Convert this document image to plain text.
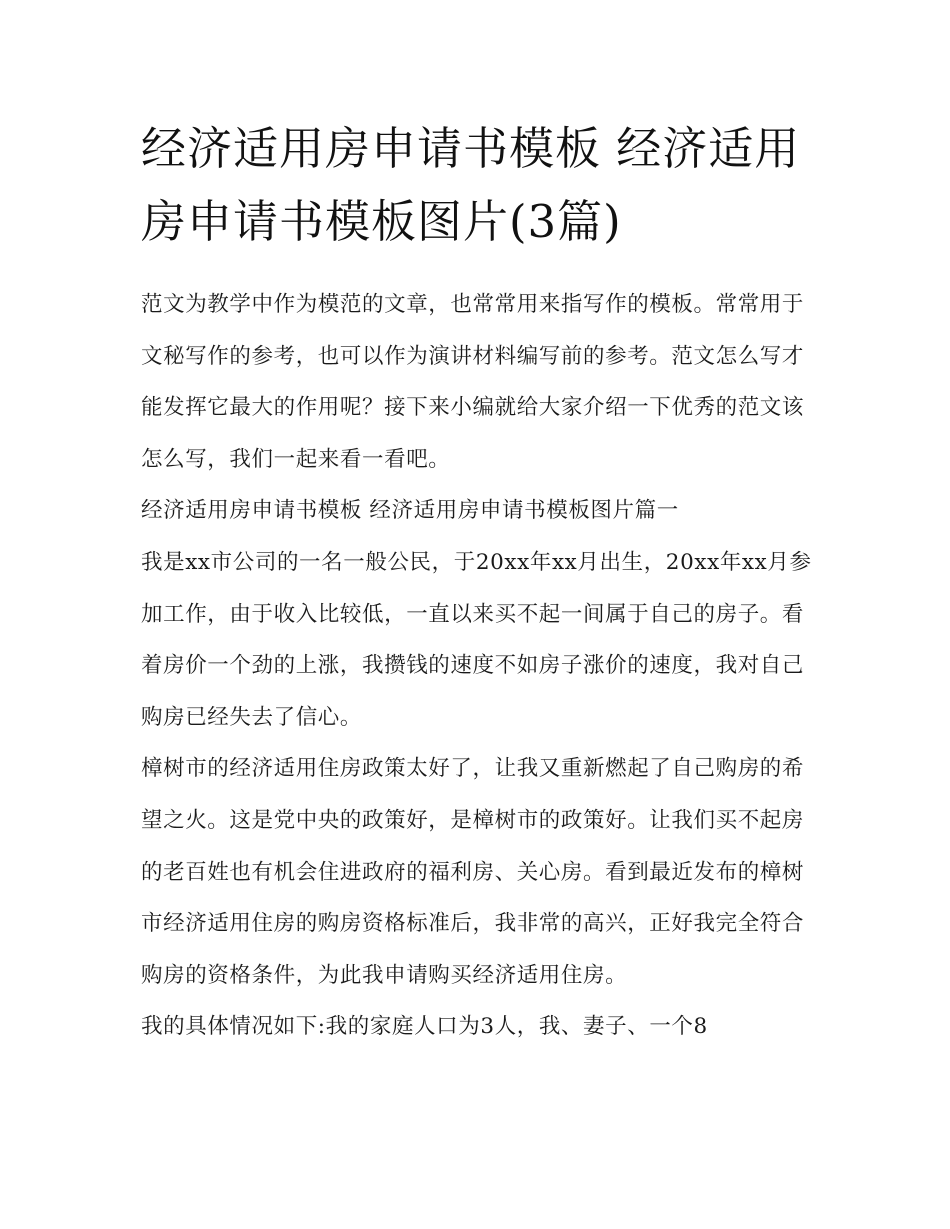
经济适用房申请书模板 经济适用房申请书模板图片(3篇)

范文为教学中作为模范的文章，也常常用来指写作的模板。常常用于文秘写作的参考，也可以作为演讲材料编写前的参考。范文怎么写才能发挥它最大的作用呢？接下来小编就给大家介绍一下优秀的范文该怎么写，我们一起来看一看吧。

经济适用房申请书模板 经济适用房申请书模板图片篇一

我是xx市公司的一名一般公民，于20xx年xx月出生，20xx年xx月参加工作，由于收入比较低，一直以来买不起一间属于自己的房子。看着房价一个劲的上涨，我攒钱的速度不如房子涨价的速度，我对自己购房已经失去了信心。

樟树市的经济适用住房政策太好了，让我又重新燃起了自己购房的希望之火。这是党中央的政策好，是樟树市的政策好。让我们买不起房的老百姓也有机会住进政府的福利房、关心房。看到最近发布的樟树市经济适用住房的购房资格标准后，我非常的高兴，正好我完全符合购房的资格条件，为此我申请购买经济适用住房。

我的具体情况如下:我的家庭人口为3人，我、妻子、一个8
